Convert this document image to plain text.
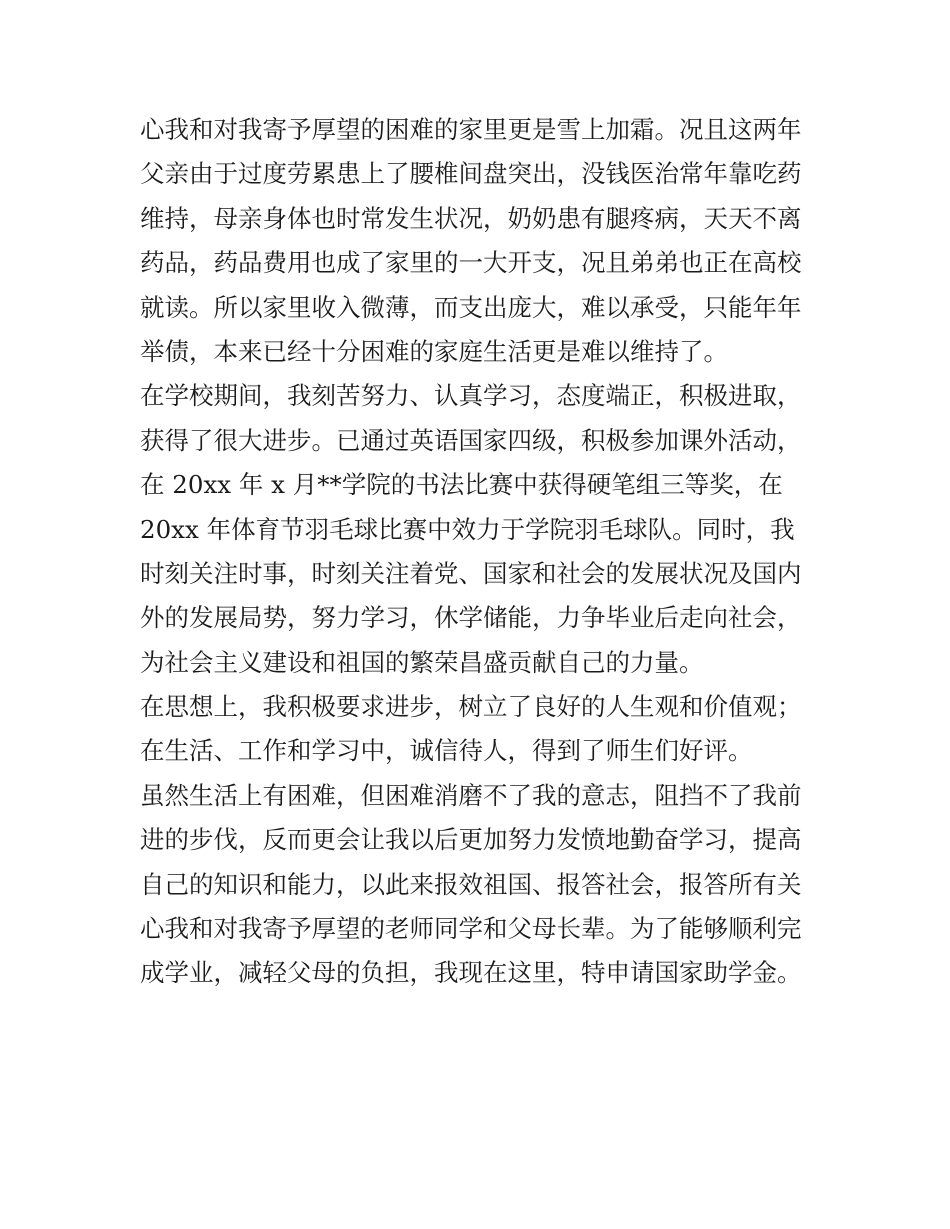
心我和对我寄予厚望的困难的家里更是雪上加霜。况且这两年
父亲由于过度劳累患上了腰椎间盘突出，没钱医治常年靠吃药
维持，母亲身体也时常发生状况，奶奶患有腿疼病，天天不离
药品，药品费用也成了家里的一大开支，况且弟弟也正在高校
就读。所以家里收入微薄，而支出庞大，难以承受，只能年年
举债，本来已经十分困难的家庭生活更是难以维持了。
在学校期间，我刻苦努力、认真学习，态度端正，积极进取，
获得了很大进步。已通过英语国家四级，积极参加课外活动，
在 20xx 年 x 月**学院的书法比赛中获得硬笔组三等奖，在
20xx 年体育节羽毛球比赛中效力于学院羽毛球队。同时，我
时刻关注时事，时刻关注着党、国家和社会的发展状况及国内
外的发展局势，努力学习，休学储能，力争毕业后走向社会，
为社会主义建设和祖国的繁荣昌盛贡献自己的力量。
在思想上，我积极要求进步，树立了良好的人生观和价值观；
在生活、工作和学习中，诚信待人，得到了师生们好评。
虽然生活上有困难，但困难消磨不了我的意志，阻挡不了我前
进的步伐，反而更会让我以后更加努力发愤地勤奋学习，提高
自己的知识和能力，以此来报效祖国、报答社会，报答所有关
心我和对我寄予厚望的老师同学和父母长辈。为了能够顺利完
成学业，减轻父母的负担，我现在这里，特申请国家助学金。
